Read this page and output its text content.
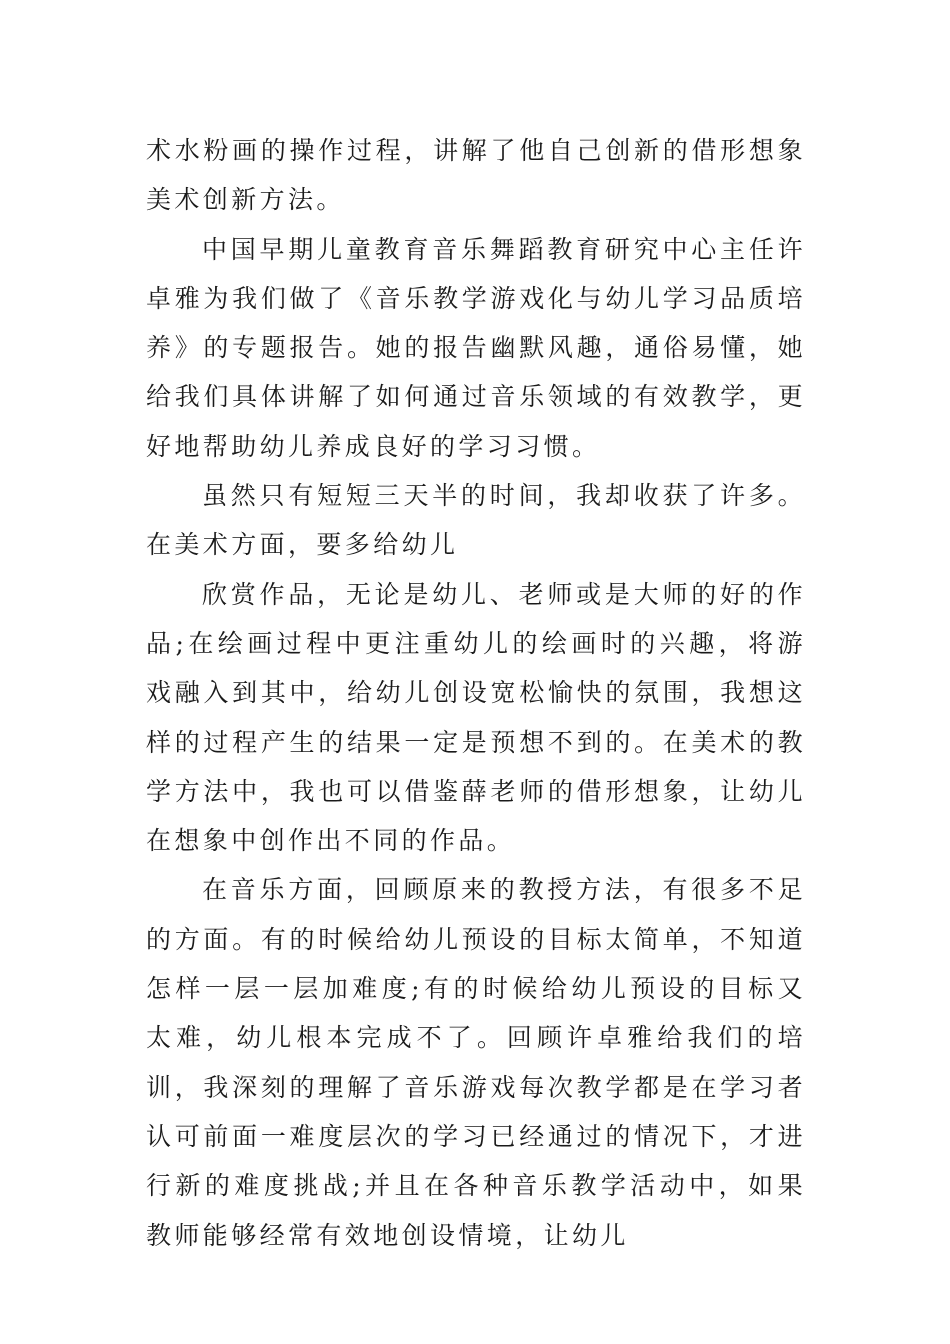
术水粉画的操作过程，讲解了他自己创新的借形想象美术创新方法。

中国早期儿童教育音乐舞蹈教育研究中心主任许卓雅为我们做了《音乐教学游戏化与幼儿学习品质培养》的专题报告。她的报告幽默风趣，通俗易懂，她给我们具体讲解了如何通过音乐领域的有效教学，更好地帮助幼儿养成良好的学习习惯。

虽然只有短短三天半的时间，我却收获了许多。在美术方面，要多给幼儿

欣赏作品，无论是幼儿、老师或是大师的好的作品;在绘画过程中更注重幼儿的绘画时的兴趣，将游戏融入到其中，给幼儿创设宽松愉快的氛围，我想这样的过程产生的结果一定是预想不到的。在美术的教学方法中，我也可以借鉴薛老师的借形想象，让幼儿在想象中创作出不同的作品。

在音乐方面，回顾原来的教授方法，有很多不足的方面。有的时候给幼儿预设的目标太简单，不知道怎样一层一层加难度;有的时候给幼儿预设的目标又太难，幼儿根本完成不了。回顾许卓雅给我们的培训，我深刻的理解了音乐游戏每次教学都是在学习者认可前面一难度层次的学习已经通过的情况下，才进行新的难度挑战;并且在各种音乐教学活动中，如果教师能够经常有效地创设情境，让幼儿
